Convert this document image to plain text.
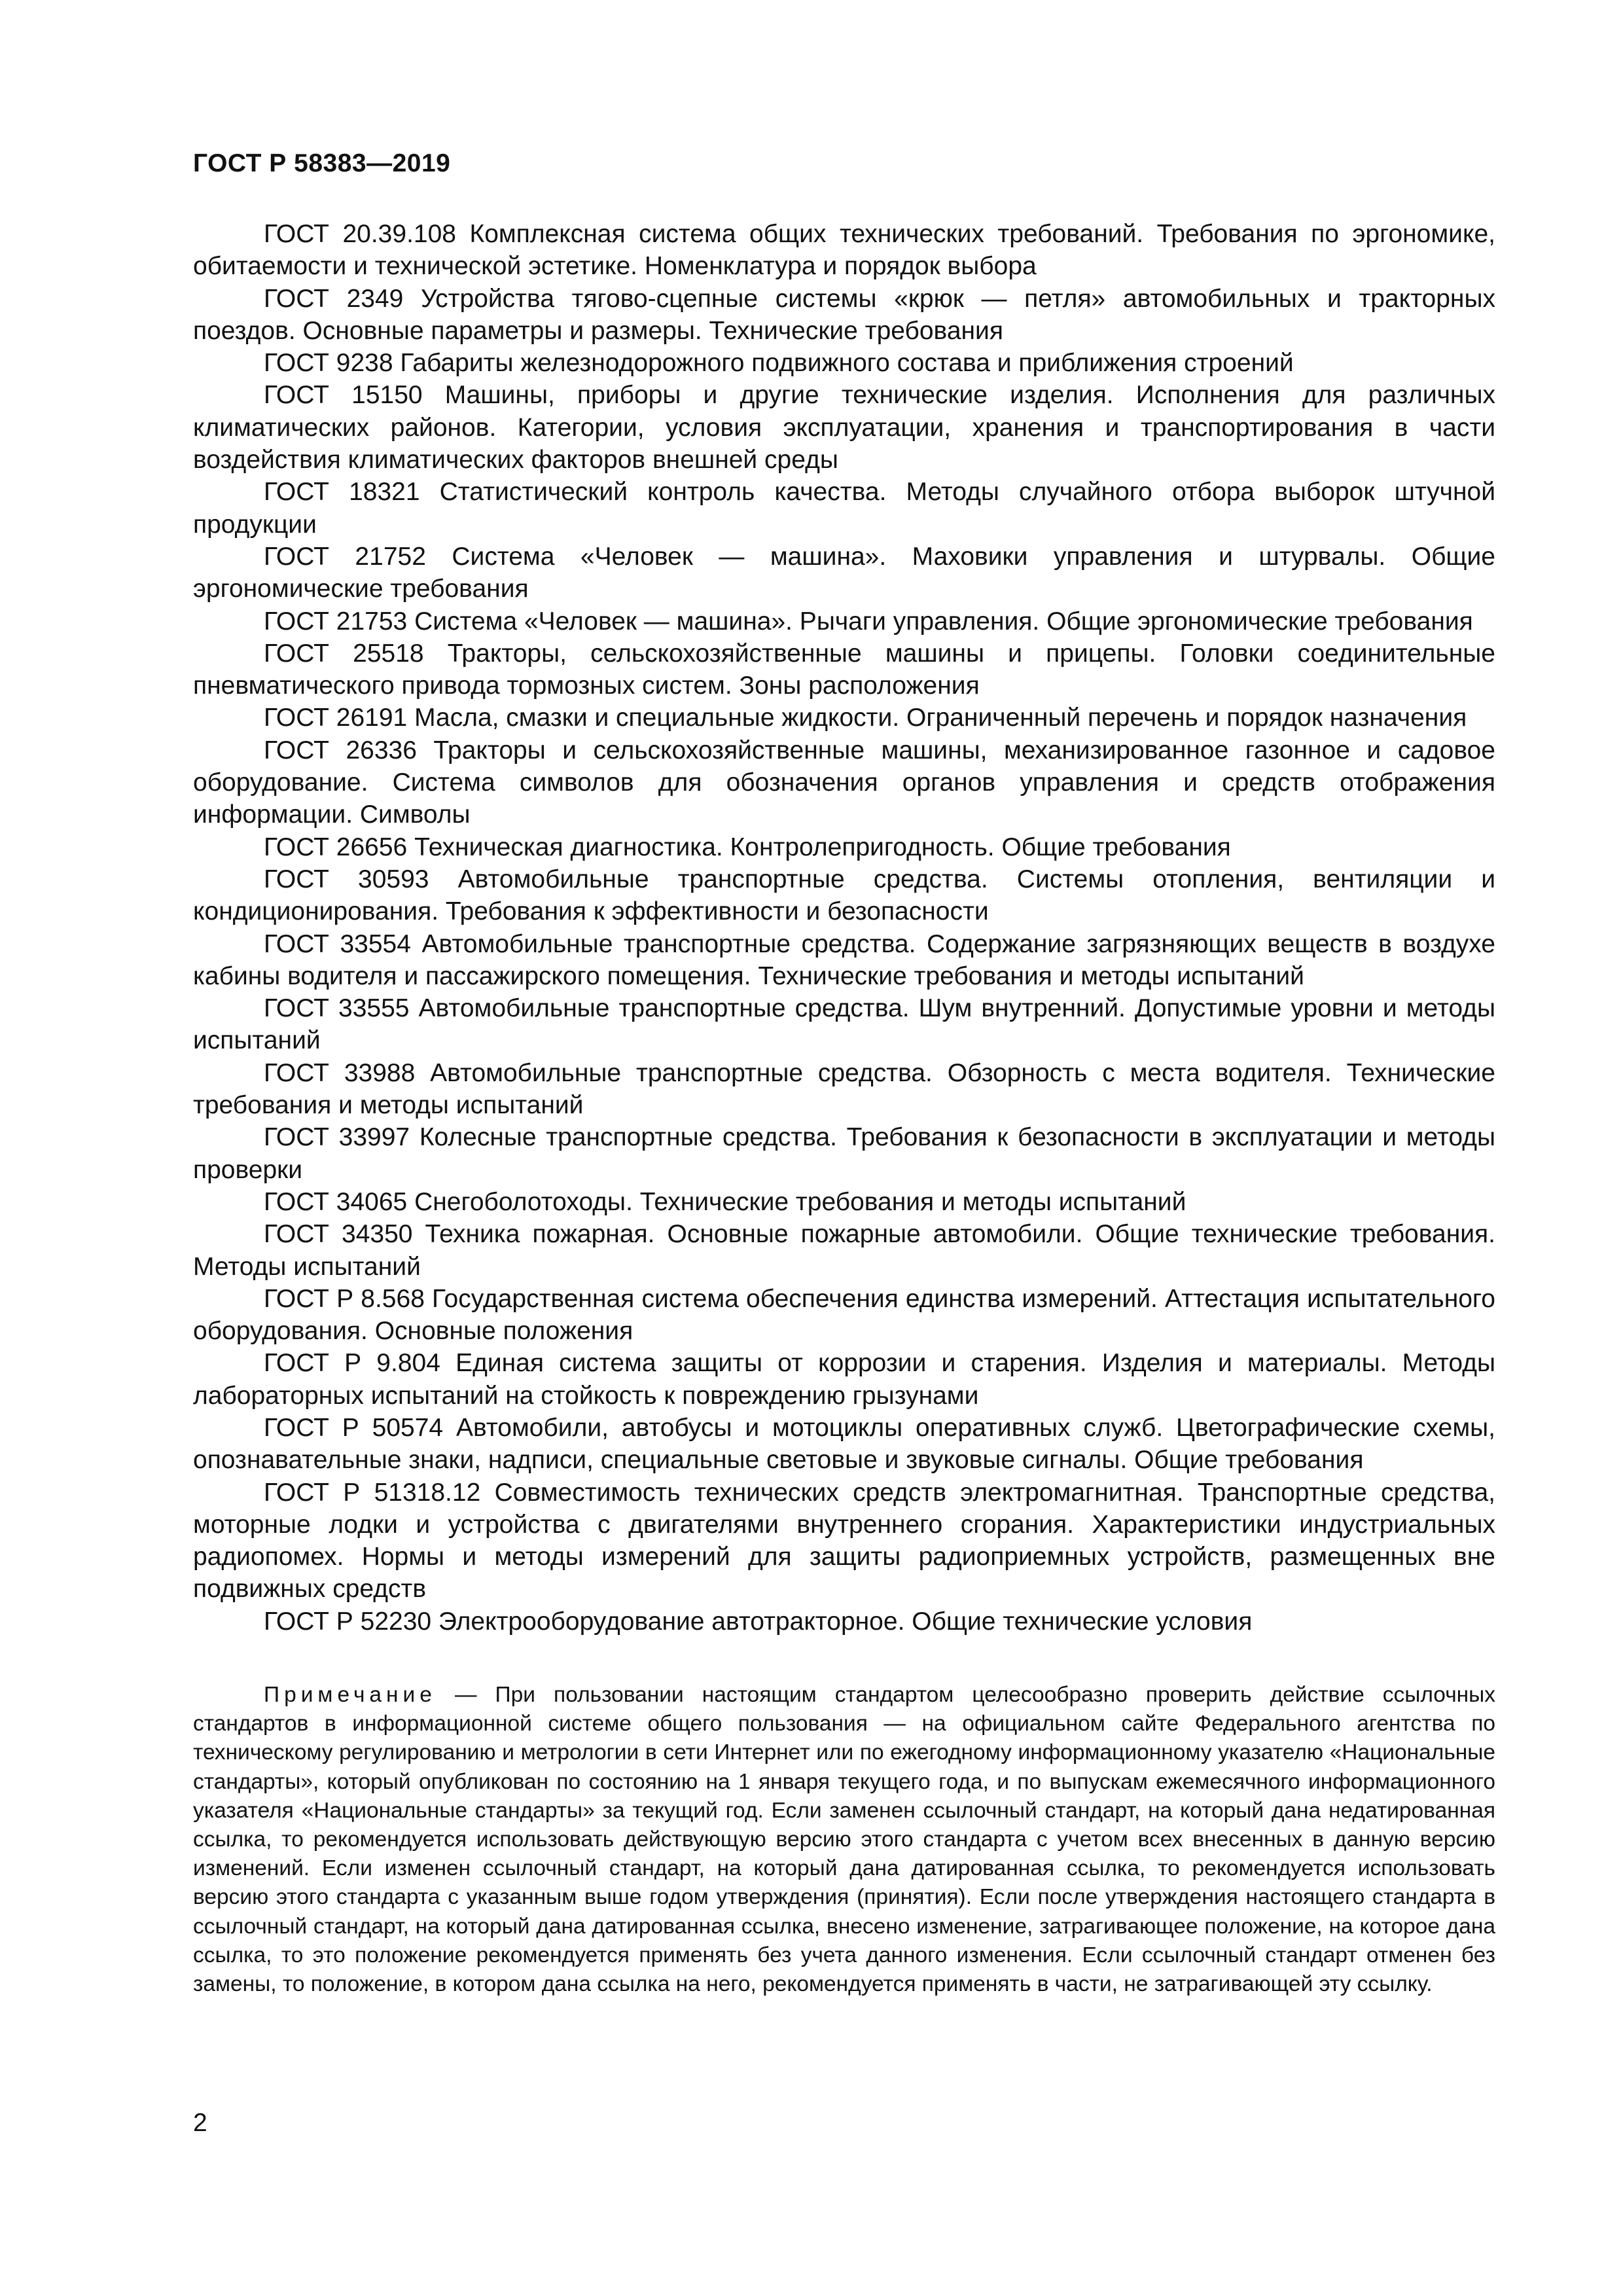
ГОСТ Р 58383—2019

ГОСТ 20.39.108 Комплексная система общих технических требований. Требования по эргономике, обитаемости и технической эстетике. Номенклатура и порядок выбора

ГОСТ 2349 Устройства тягово-сцепные системы «крюк — петля» автомобильных и тракторных поездов. Основные параметры и размеры. Технические требования

ГОСТ 9238 Габариты железнодорожного подвижного состава и приближения строений

ГОСТ 15150 Машины, приборы и другие технические изделия. Исполнения для различных климатических районов. Категории, условия эксплуатации, хранения и транспортирования в части воздействия климатических факторов внешней среды

ГОСТ 18321 Статистический контроль качества. Методы случайного отбора выборок штучной продукции

ГОСТ 21752 Система «Человек — машина». Маховики управления и штурвалы. Общие эргономические требования

ГОСТ 21753 Система «Человек — машина». Рычаги управления. Общие эргономические требования

ГОСТ 25518 Тракторы, сельскохозяйственные машины и прицепы. Головки соединительные пневматического привода тормозных систем. Зоны расположения

ГОСТ 26191 Масла, смазки и специальные жидкости. Ограниченный перечень и порядок назначения

ГОСТ 26336 Тракторы и сельскохозяйственные машины, механизированное газонное и садовое оборудование. Система символов для обозначения органов управления и средств отображения информации. Символы

ГОСТ 26656 Техническая диагностика. Контролепригодность. Общие требования

ГОСТ 30593 Автомобильные транспортные средства. Системы отопления, вентиляции и кондиционирования. Требования к эффективности и безопасности

ГОСТ 33554 Автомобильные транспортные средства. Содержание загрязняющих веществ в воздухе кабины водителя и пассажирского помещения. Технические требования и методы испытаний

ГОСТ 33555 Автомобильные транспортные средства. Шум внутренний. Допустимые уровни и методы испытаний

ГОСТ 33988 Автомобильные транспортные средства. Обзорность с места водителя. Технические требования и методы испытаний

ГОСТ 33997 Колесные транспортные средства. Требования к безопасности в эксплуатации и методы проверки

ГОСТ 34065 Снегоболотоходы. Технические требования и методы испытаний

ГОСТ 34350 Техника пожарная. Основные пожарные автомобили. Общие технические требования. Методы испытаний

ГОСТ Р 8.568 Государственная система обеспечения единства измерений. Аттестация испытательного оборудования. Основные положения

ГОСТ Р 9.804 Единая система защиты от коррозии и старения. Изделия и материалы. Методы лабораторных испытаний на стойкость к повреждению грызунами

ГОСТ Р 50574 Автомобили, автобусы и мотоциклы оперативных служб. Цветографические схемы, опознавательные знаки, надписи, специальные световые и звуковые сигналы. Общие требования

ГОСТ Р 51318.12 Совместимость технических средств электромагнитная. Транспортные средства, моторные лодки и устройства с двигателями внутреннего сгорания. Характеристики индустриальных радиопомех. Нормы и методы измерений для защиты радиоприемных устройств, размещенных вне подвижных средств

ГОСТ Р 52230 Электрооборудование автотракторное. Общие технические условия

Примечание — При пользовании настоящим стандартом целесообразно проверить действие ссылочных стандартов в информационной системе общего пользования — на официальном сайте Федерального агентства по техническому регулированию и метрологии в сети Интернет или по ежегодному информационному указателю «Национальные стандарты», который опубликован по состоянию на 1 января текущего года, и по выпускам ежемесячного информационного указателя «Национальные стандарты» за текущий год. Если заменен ссылочный стандарт, на который дана недатированная ссылка, то рекомендуется использовать действующую версию этого стандарта с учетом всех внесенных в данную версию изменений. Если изменен ссылочный стандарт, на который дана датированная ссылка, то рекомендуется использовать версию этого стандарта с указанным выше годом утверждения (принятия). Если после утверждения настоящего стандарта в ссылочный стандарт, на который дана датированная ссылка, внесено изменение, затрагивающее положение, на которое дана ссылка, то это положение рекомендуется применять без учета данного изменения. Если ссылочный стандарт отменен без замены, то положение, в котором дана ссылка на него, рекомендуется применять в части, не затрагивающей эту ссылку.

2
